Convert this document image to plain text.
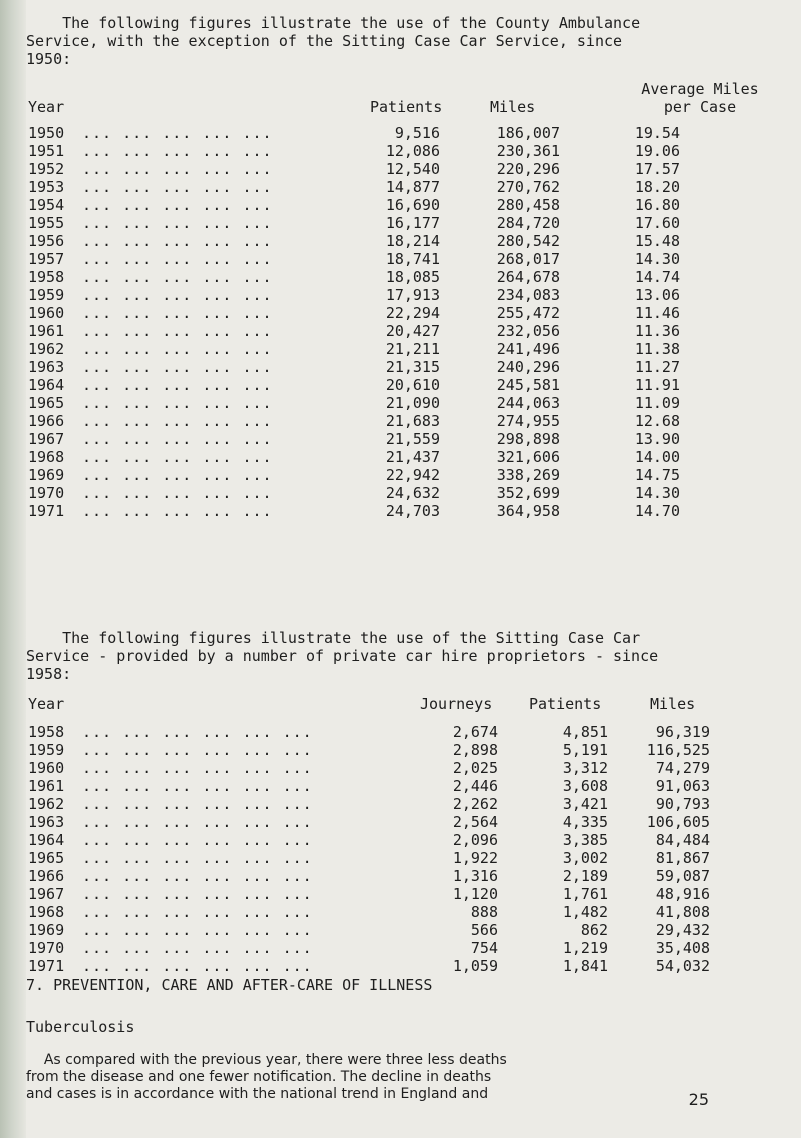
The following figures illustrate the use of the County Ambulance
Service, with the exception of the Sitting Case Car Service, since
1950:
Average Miles
Year	Patients	Miles	per Case
1950 ... ... ... ... ...	9,516	186,007	19.54
1951 ... ... ... ... ...	12,086	230,361	19.06
1952 ... ... ... ... ...	12,540	220,296	17.57
1953 ... ... ... ... ...	14,877	270,762	18.20
1954 ... ... ... ... ...	16,690	280,458	16.80
1955 ... ... ... ... ...	16,177	284,720	17.60
1956 ... ... ... ... ...	18,214	280,542	15.48
1957 ... ... ... ... ...	18,741	268,017	14.30
1958 ... ... ... ... ...	18,085	264,678	14.74
1959 ... ... ... ... ...	17,913	234,083	13.06
1960 ... ... ... ... ...	22,294	255,472	11.46
1961 ... ... ... ... ...	20,427	232,056	11.36
1962 ... ... ... ... ...	21,211	241,496	11.38
1963 ... ... ... ... ...	21,315	240,296	11.27
1964 ... ... ... ... ...	20,610	245,581	11.91
1965 ... ... ... ... ...	21,090	244,063	11.09
1966 ... ... ... ... ...	21,683	274,955	12.68
1967 ... ... ... ... ...	21,559	298,898	13.90
1968 ... ... ... ... ...	21,437	321,606	14.00
1969 ... ... ... ... ...	22,942	338,269	14.75
1970 ... ... ... ... ...	24,632	352,699	14.30
1971 ... ... ... ... ...	24,703	364,958	14.70
The following figures illustrate the use of the Sitting Case Car
Service - provided by a number of private car hire proprietors - since
1958:
Year	Journeys Patients	Miles
1958 ... ... ... ... ... ...	2,674	4,851	96,319
1959 ... ... ... ... ... ...	2,898	5,191	116,525
1960 ... ... ... ... ... ...	2,025	3,312	74,279
1961 ... ... ... ... ... ...	2,446	3,608	91,063
1962 ... ... ... ... ... ...	2,262	3,421	90,793
1963 ... ... ... ... ... ...	2,564	4,335	106,605
1964 ... ... ... ... ... ...	2,096	3,385	84,484
1965 ... ... ... ... ... ...	1,922	3,002	81,867
1966 ... ... ... ... ... ...	1,316	2,189	59,087
1967 ... ... ... ... ... ...	1,120	1,761	48,916
1968 ... ... ... ... ... ...	888	1,482	41,808
1969 ... ... ... ... ... ...	566	862	29,432
1970 ... ... ... ... ... ...	754	1,219	35,408
1971 ... ... ... ... ... ...	1,059	1,841	54,032
7. PREVENTION, CARE AND AFTER-CARE OF ILLNESS
Tuberculosis
As compared with the previous year, there were three less deaths
from the disease and one fewer notification. The decline in deaths
and cases is in accordance with the national trend in England and	25
